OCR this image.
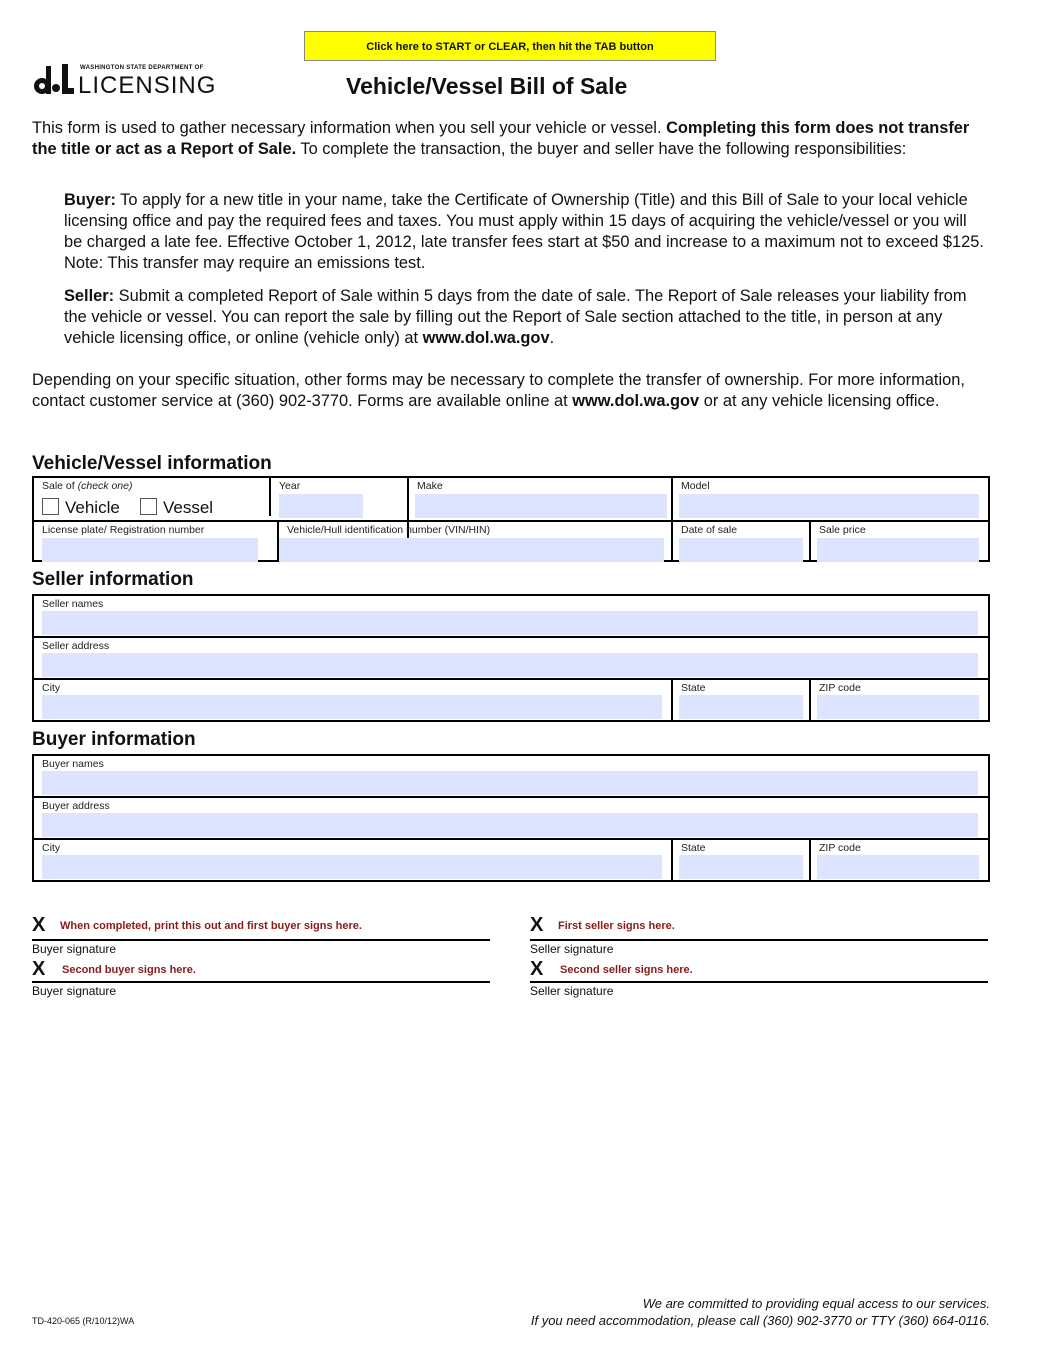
Click here to START or CLEAR, then hit the TAB button
WASHINGTON STATE DEPARTMENT OF
LICENSING	Vehicle/Vessel Bill of Sale
This form is used to gather necessary information when you sell your vehicle or vessel. Completing this form does not transfer the title or act as a Report of Sale. To complete the transaction, the buyer and seller have the following responsibilities:
Buyer: To apply for a new title in your name, take the Certificate of Ownership (Title) and this Bill of Sale to your local vehicle licensing office and pay the required fees and taxes. You must apply within 15 days of acquiring the vehicle/vessel or you will be charged a late fee. Effective October 1, 2012, late transfer fees start at $50 and increase to a maximum not to exceed $125. Note: This transfer may require an emissions test.
Seller: Submit a completed Report of Sale within 5 days from the date of sale. The Report of Sale releases your liability from the vehicle or vessel. You can report the sale by filling out the Report of Sale section attached to the title, in person at any vehicle licensing office, or online (vehicle only) at www.dol.wa.gov.
Depending on your specific situation, other forms may be necessary to complete the transfer of ownership. For more information, contact customer service at (360) 902-3770. Forms are available online at www.dol.wa.gov or at any vehicle licensing office.
Vehicle/Vessel information
Sale of (check one)
Vehicle	Vessel
Year	Make	Model
License plate/ Registration number	Vehicle/Hull identification number (VIN/HIN)	Date of sale	Sale price
Seller information
Seller names
Seller address
City	State	ZIP code
Buyer information
Buyer names
Buyer address
City	State	ZIP code
X When completed, print this out and first buyer signs here.
Buyer signature
X Second buyer signs here.
Buyer signature
X First seller signs here.
Seller signature
X Second seller signs here.
Seller signature
TD-420-065 (R/10/12)WA
We are committed to providing equal access to our services.
If you need accommodation, please call (360) 902-3770 or TTY (360) 664-0116.
